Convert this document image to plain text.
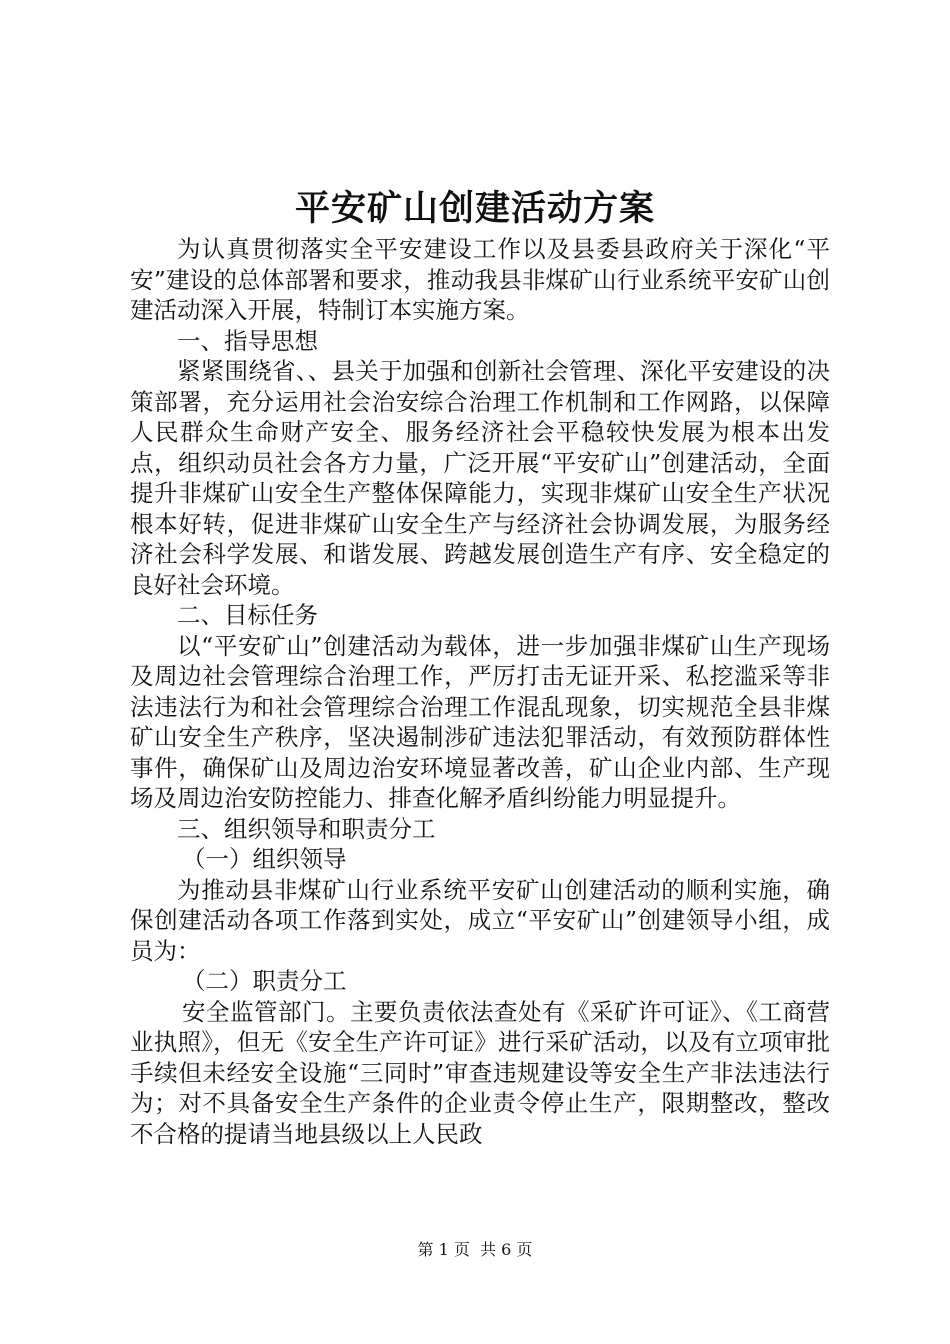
平安矿山创建活动方案

为认真贯彻落实全平安建设工作以及县委县政府关于深化“平安”建设的总体部署和要求，推动我县非煤矿山行业系统平安矿山创建活动深入开展，特制订本实施方案。

一、指导思想

紧紧围绕省、、县关于加强和创新社会管理、深化平安建设的决策部署，充分运用社会治安综合治理工作机制和工作网路，以保障人民群众生命财产安全、服务经济社会平稳较快发展为根本出发点，组织动员社会各方力量，广泛开展“平安矿山”创建活动，全面提升非煤矿山安全生产整体保障能力，实现非煤矿山安全生产状况根本好转，促进非煤矿山安全生产与经济社会协调发展，为服务经济社会科学发展、和谐发展、跨越发展创造生产有序、安全稳定的良好社会环境。

二、目标任务

以“平安矿山”创建活动为载体，进一步加强非煤矿山生产现场及周边社会管理综合治理工作，严厉打击无证开采、私挖滥采等非法违法行为和社会管理综合治理工作混乱现象，切实规范全县非煤矿山安全生产秩序，坚决遏制涉矿违法犯罪活动，有效预防群体性事件，确保矿山及周边治安环境显著改善，矿山企业内部、生产现场及周边治安防控能力、排查化解矛盾纠纷能力明显提升。

三、组织领导和职责分工

（一）组织领导

为推动县非煤矿山行业系统平安矿山创建活动的顺利实施，确保创建活动各项工作落到实处，成立“平安矿山”创建领导小组，成员为：

（二）职责分工

安全监管部门。主要负责依法查处有《采矿许可证》、《工商营业执照》，但无《安全生产许可证》进行采矿活动，以及有立项审批手续但未经安全设施“三同时”审查违规建设等安全生产非法违法行为；对不具备安全生产条件的企业责令停止生产，限期整改，整改不合格的提请当地县级以上人民政

第 1 页  共 6 页
